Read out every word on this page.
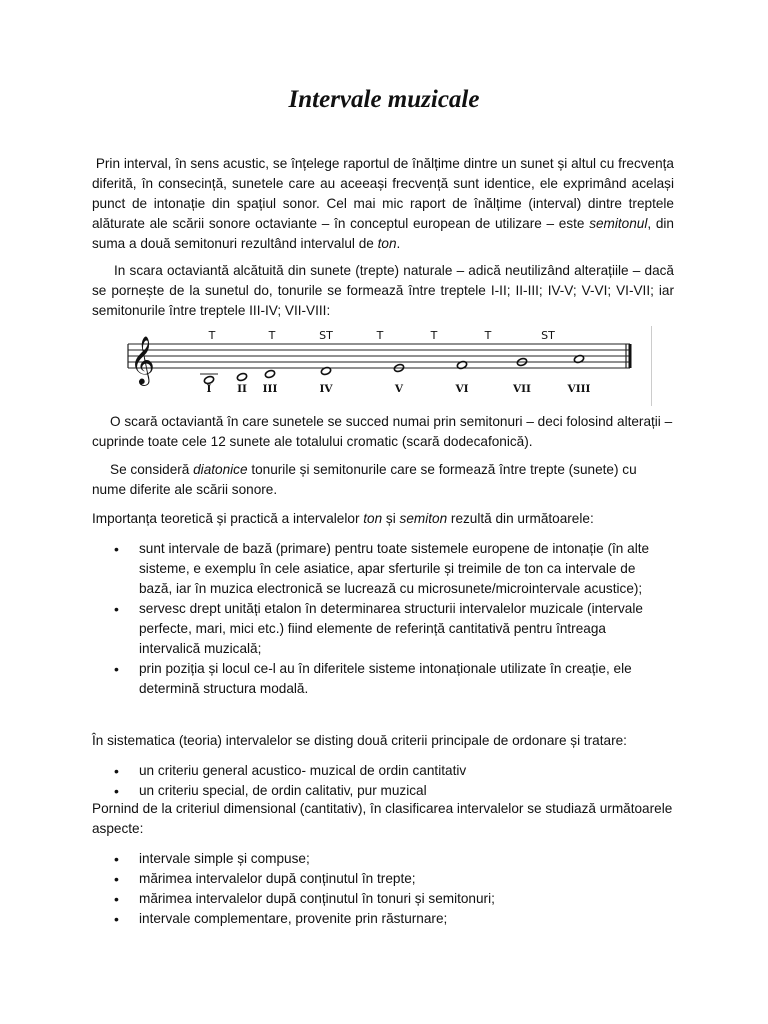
Intervale muzicale

Prin interval, în sens acustic, se înțelege raportul de înălțime dintre un sunet și altul cu frecvența diferită, în consecință, sunetele care au aceeași frecvență sunt identice, ele exprimând același punct de intonație din spațiul sonor. Cel mai mic raport de înălțime (interval) dintre treptele alăturate ale scării sonore octaviante – în conceptul european de utilizare – este semitonul, din suma a două semitonuri rezultând intervalul de ton.

In scara octaviantă alcătuită din sunete (trepte) naturale – adică neutilizând alterațiile – dacă se pornește de la sunetul do, tonurile se formează între treptele I-II; II-III; IV-V; V-VI; VI-VII; iar semitonurile între treptele III-IV; VII-VIII:

𝄞	T	T	ST	T	T	T	ST
I II III	IV	V	VI	VII	VIII

O scară octaviantă în care sunetele se succed numai prin semitonuri – deci folosind alterații – cuprinde toate cele 12 sunete ale totalului cromatic (scară dodecafonică).

Se consideră diatonice tonurile și semitonurile care se formează între trepte (sunete) cu nume diferite ale scării sonore.

Importanța teoretică și practică a intervalelor ton și semiton rezultă din următoarele:

• sunt intervale de bază (primare) pentru toate sistemele europene de intonație (în alte sisteme, e exemplu în cele asiatice, apar sferturile și treimile de ton ca intervale de bază, iar în muzica electronică se lucrează cu microsunete/microintervale acustice);
• servesc drept unități etalon în determinarea structurii intervalelor muzicale (intervale perfecte, mari, mici etc.) fiind elemente de referință cantitativă pentru întreaga intervalică muzicală;
• prin poziția și locul ce-l au în diferitele sisteme intonaționale utilizate în creație, ele determină structura modală.

În sistematica (teoria) intervalelor se disting două criterii principale de ordonare și tratare:

• un criteriu general acustico- muzical de ordin cantitativ
• un criteriu special, de ordin calitativ, pur muzical

Pornind de la criteriul dimensional (cantitativ), în clasificarea intervalelor se studiază următoarele aspecte:

• intervale simple și compuse;
• mărimea intervalelor după conținutul în trepte;
• mărimea intervalelor după conținutul în tonuri și semitonuri;
• intervale complementare, provenite prin răsturnare;
